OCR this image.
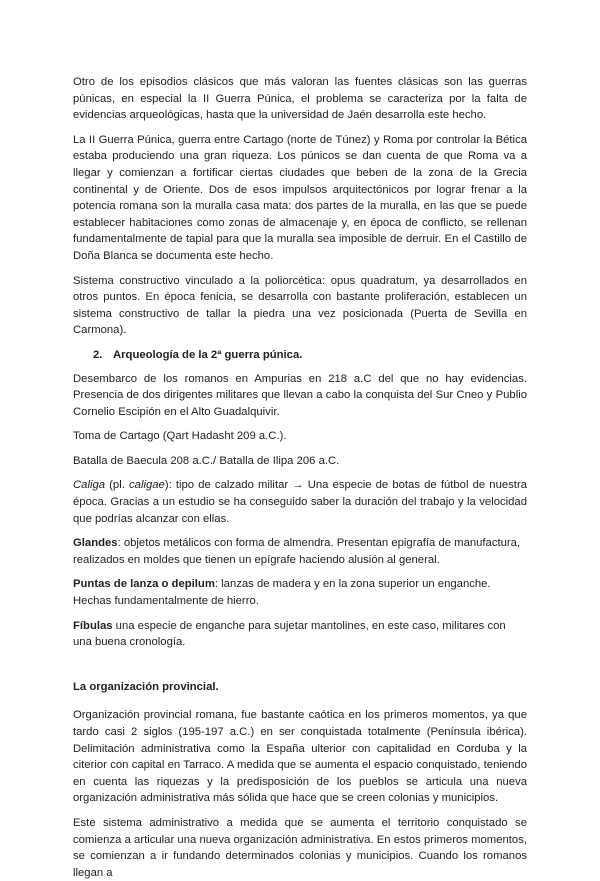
Otro de los episodios clásicos que más valoran las fuentes clásicas son las guerras púnicas, en especial la II Guerra Púnica, el problema se caracteriza por la falta de evidencias arqueológicas, hasta que la universidad de Jaén desarrolla este hecho.

La II Guerra Púnica, guerra entre Cartago (norte de Túnez) y Roma por controlar la Bética estaba produciendo una gran riqueza. Los púnicos se dan cuenta de que Roma va a llegar y comienzan a fortificar ciertas ciudades que beben de la zona de la Grecia continental y de Oriente. Dos de esos impulsos arquitectónicos por lograr frenar a la potencia romana son la muralla casa mata: dos partes de la muralla, en las que se puede establecer habitaciones como zonas de almacenaje y, en época de conflicto, se rellenan fundamentalmente de tapial para que la muralla sea imposible de derruir. En el Castillo de Doña Blanca se documenta este hecho.

Sistema constructivo vinculado a la poliorcética: opus quadratum, ya desarrollados en otros puntos. En época fenicia, se desarrolla con bastante proliferación, establecen un sistema constructivo de tallar la piedra una vez posicionada (Puerta de Sevilla en Carmona).

2. Arqueología de la 2ª guerra púnica.

Desembarco de los romanos en Ampurias en 218 a.C del que no hay evidencias. Presencia de dos dirigentes militares que llevan a cabo la conquista del Sur Cneo y Publio Cornelio Escipión en el Alto Guadalquivir.

Toma de Cartago (Qart Hadasht 209 a.C.).

Batalla de Baecula 208 a.C./ Batalla de Ilipa 206 a.C.

Caliga (pl. caligae): tipo de calzado militar → Una especie de botas de fútbol de nuestra época. Gracias a un estudio se ha conseguido saber la duración del trabajo y la velocidad que podrías alcanzar con ellas.

Glandes: objetos metálicos con forma de almendra. Presentan epigrafía de manufactura, realizados en moldes que tienen un epígrafe haciendo alusión al general.

Puntas de lanza o depilum: lanzas de madera y en la zona superior un enganche. Hechas fundamentalmente de hierro.

Fíbulas una especie de enganche para sujetar mantolines, en este caso, militares con una buena cronología.

La organización provincial.

Organización provincial romana, fue bastante caótica en los primeros momentos, ya que tardo casi 2 siglos (195-197 a.C.) en ser conquistada totalmente (Península ibérica). Delimitación administrativa como la España ulterior con capitalidad en Corduba y la citerior con capital en Tarraco. A medida que se aumenta el espacio conquistado, teniendo en cuenta las riquezas y la predisposición de los pueblos se articula una nueva organización administrativa más sólida que hace que se creen colonias y municipios.

Este sistema administrativo a medida que se aumenta el territorio conquistado se comienza a articular una nueva organización administrativa. En estos primeros momentos, se comienzan a ir fundando determinados colonias y municipios. Cuando los romanos llegan a
